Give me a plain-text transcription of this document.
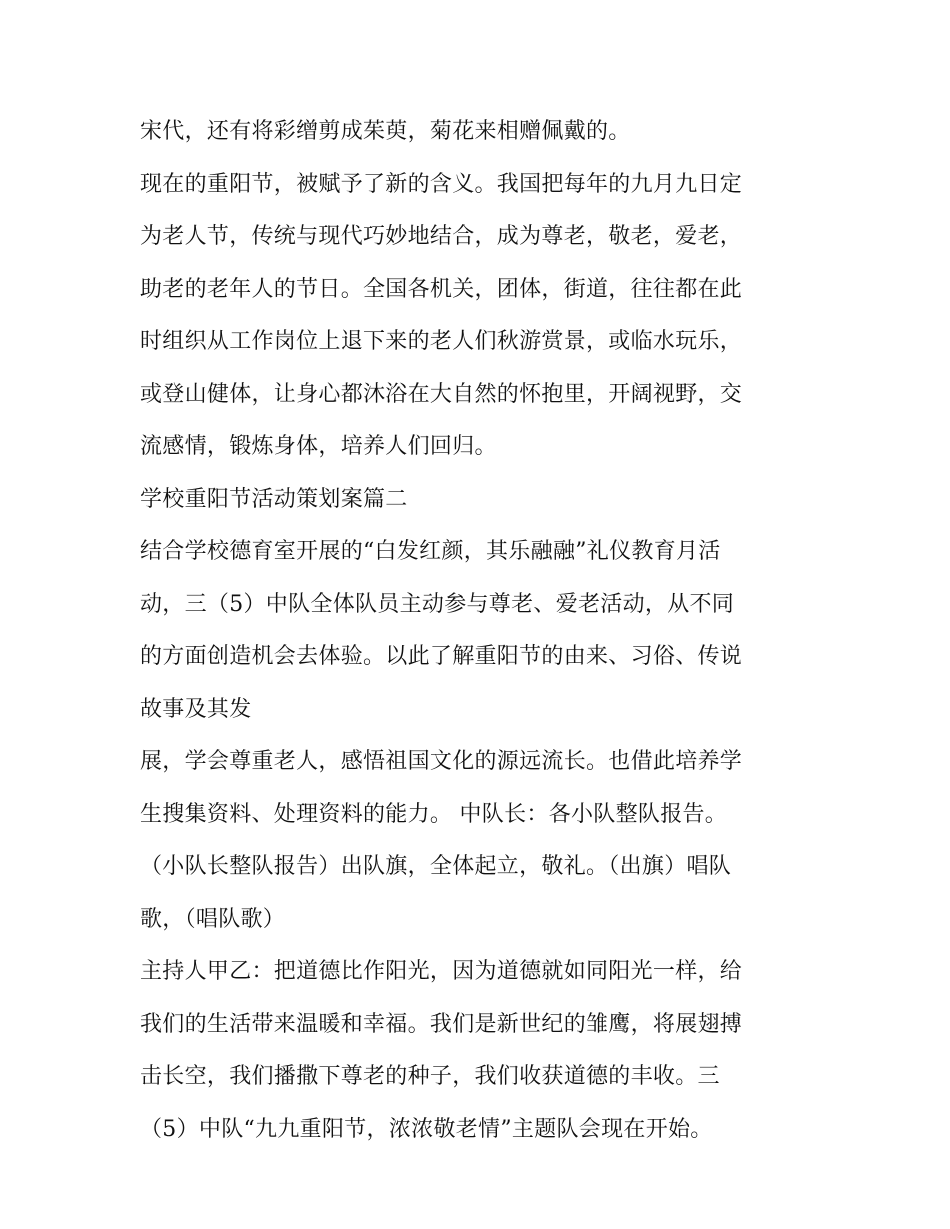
宋代，还有将彩缯剪成茱萸，菊花来相赠佩戴的。
现在的重阳节，被赋予了新的含义。我国把每年的九月九日定
为老人节，传统与现代巧妙地结合，成为尊老，敬老，爱老，
助老的老年人的节日。全国各机关，团体，街道，往往都在此
时组织从工作岗位上退下来的老人们秋游赏景，或临水玩乐，
或登山健体，让身心都沐浴在大自然的怀抱里，开阔视野，交
流感情，锻炼身体，培养人们回归。
学校重阳节活动策划案篇二
结合学校德育室开展的“白发红颜，其乐融融”礼仪教育月活
动，三（5）中队全体队员主动参与尊老、爱老活动，从不同
的方面创造机会去体验。以此了解重阳节的由来、习俗、传说
故事及其发
展，学会尊重老人，感悟祖国文化的源远流长。也借此培养学
生搜集资料、处理资料的能力。 中队长：各小队整队报告。
（小队长整队报告）出队旗，全体起立，敬礼。（出旗）唱队
歌，（唱队歌）
主持人甲乙：把道德比作阳光，因为道德就如同阳光一样，给
我们的生活带来温暖和幸福。我们是新世纪的雏鹰，将展翅搏
击长空，我们播撒下尊老的种子，我们收获道德的丰收。三
（5）中队“九九重阳节，浓浓敬老情”主题队会现在开始。
